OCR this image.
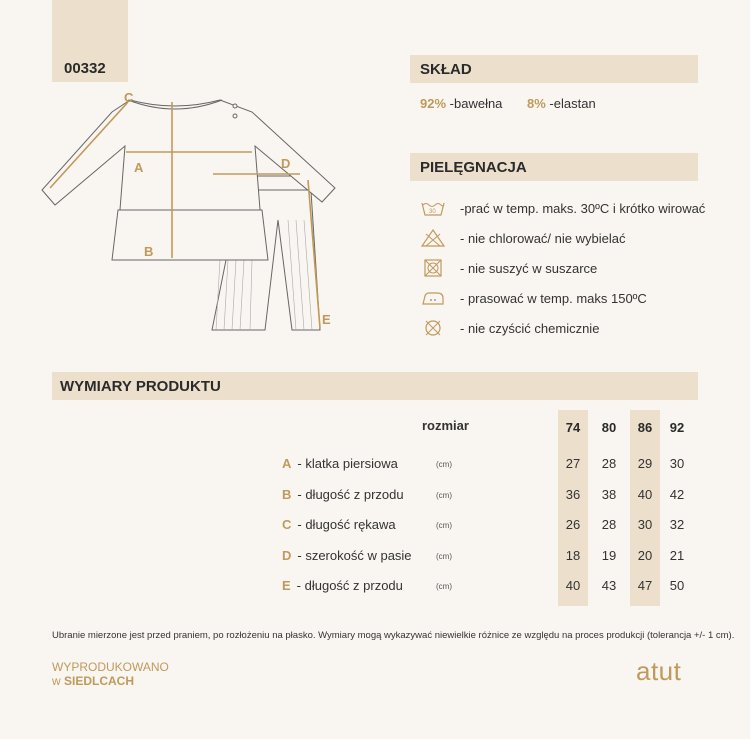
00332	SKŁAD
92% -bawełna 8% -elastan
PIELĘGNACJA
30 -prać w temp. maks. 30ºC i krótko wirować
- nie chlorować/ nie wybielać
- nie suszyć w suszarce
- prasować w temp. maks 150ºC
- nie czyścić chemicznie
C
A
B
D
E
WYMIARY PRODUKTU
rozmiar	74	80	86	92
A - klatka piersiowa	(cm)	27	28	29	30
B - długość z przodu	(cm)	36	38	40	42
C - długość rękawa	(cm)	26	28	30	32
D - szerokość w pasie	(cm)	18	19	20	21
E - długość z przodu	(cm)	40	43	47	50
Ubranie mierzone jest przed praniem, po rozłożeniu na płasko. Wymiary mogą wykazywać niewielkie różnice ze względu na proces produkcji (tolerancja +/- 1 cm).
WYPRODUKOWANO
w SIEDLCACH	atut
